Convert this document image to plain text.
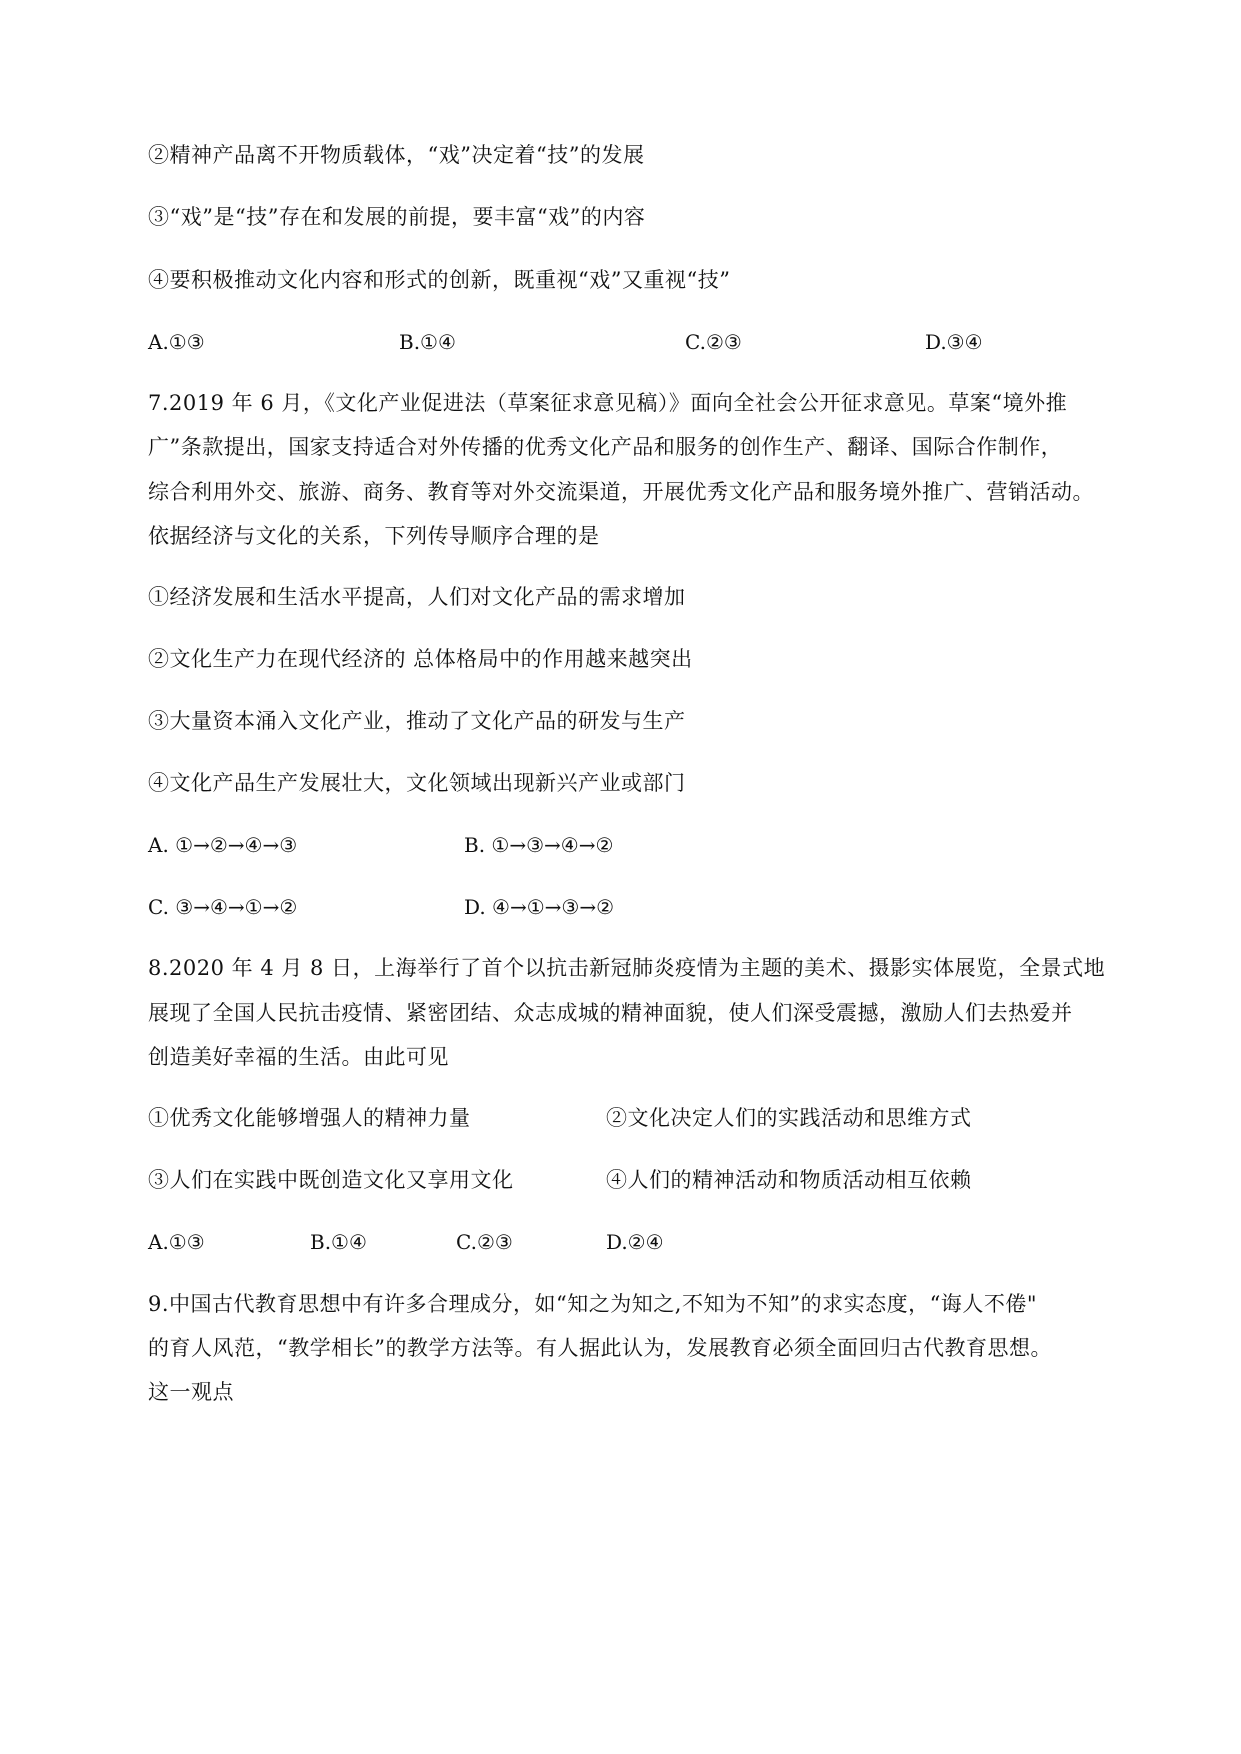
②精神产品离不开物质载体，“戏”决定着“技”的发展
③“戏”是“技”存在和发展的前提，要丰富“戏”的内容
④要积极推动文化内容和形式的创新，既重视“戏”又重视“技”
A.①③	B.①④	C.②③	D.③④
7.2019 年 6 月，《文化产业促进法（草案征求意见稿）》面向全社会公开征求意见。草案“境外推
广”条款提出，国家支持适合对外传播的优秀文化产品和服务的创作生产、翻译、国际合作制作，
综合利用外交、旅游、商务、教育等对外交流渠道，开展优秀文化产品和服务境外推广、营销活动。
依据经济与文化的关系，下列传导顺序合理的是
①经济发展和生活水平提高，人们对文化产品的需求增加
②文化生产力在现代经济的 总体格局中的作用越来越突出
③大量资本涌入文化产业，推动了文化产品的研发与生产
④文化产品生产发展壮大，文化领域出现新兴产业或部门
A. ①→②→④→③	B. ①→③→④→②
C. ③→④→①→②	D. ④→①→③→②
8.2020 年 4 月 8 日，上海举行了首个以抗击新冠肺炎疫情为主题的美术、摄影实体展览，全景式地
展现了全国人民抗击疫情、紧密团结、众志成城的精神面貌，使人们深受震撼，激励人们去热爱并
创造美好幸福的生活。由此可见
①优秀文化能够增强人的精神力量	②文化决定人们的实践活动和思维方式
③人们在实践中既创造文化又享用文化	④人们的精神活动和物质活动相互依赖
A.①③	B.①④	C.②③	D.②④
9.中国古代教育思想中有许多合理成分，如“知之为知之,不知为不知”的求实态度，“诲人不倦"
的育人风范，“教学相长”的教学方法等。有人据此认为，发展教育必须全面回归古代教育思想。
这一观点
